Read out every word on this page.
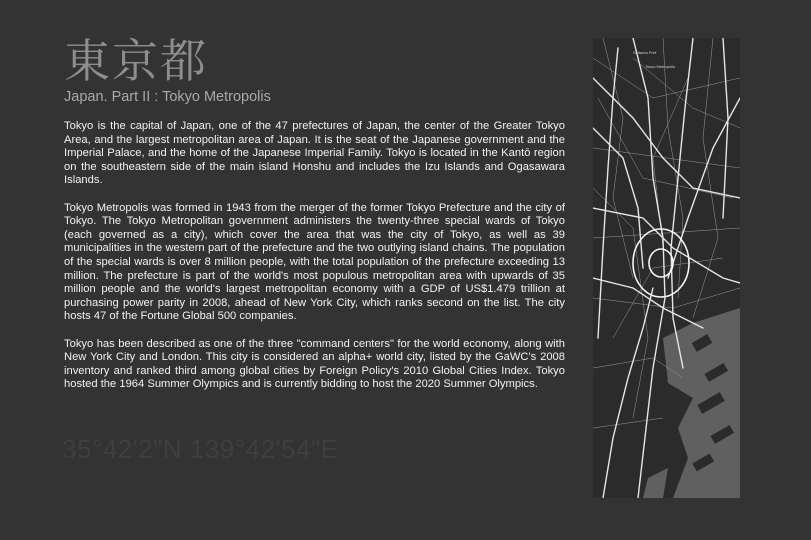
東京都
Japan. Part II : Tokyo Metropolis

Tokyo is the capital of Japan, one of the 47 prefectures of Japan, the center of the Greater Tokyo Area, and the largest metropolitan area of Japan. It is the seat of the Japanese government and the Imperial Palace, and the home of the Japanese Imperial Family. Tokyo is located in the Kantō region on the southeastern side of the main island Honshu and includes the Izu Islands and Ogasawara Islands.

Tokyo Metropolis was formed in 1943 from the merger of the former Tokyo Prefecture and the city of Tokyo. The Tokyo Metropolitan government administers the twenty-three special wards of Tokyo (each governed as a city), which cover the area that was the city of Tokyo, as well as 39 municipalities in the western part of the prefecture and the two outlying island chains. The population of the special wards is over 8 million people, with the total population of the prefecture exceeding 13 million. The prefecture is part of the world's most populous metropolitan area with upwards of 35 million people and the world's largest metropolitan economy with a GDP of US$1.479 trillion at purchasing power parity in 2008, ahead of New York City, which ranks second on the list. The city hosts 47 of the Fortune Global 500 companies.

Tokyo has been described as one of the three "command centers" for the world economy, along with New York City and London. This city is considered an alpha+ world city, listed by the GaWC's 2008 inventory and ranked third among global cities by Foreign Policy's 2010 Global Cities Index. Tokyo hosted the 1964 Summer Olympics and is currently bidding to host the 2020 Summer Olympics.

35°42'2"N 139°42'54"E
Saitama Pref.
Tokyo Metropolis
